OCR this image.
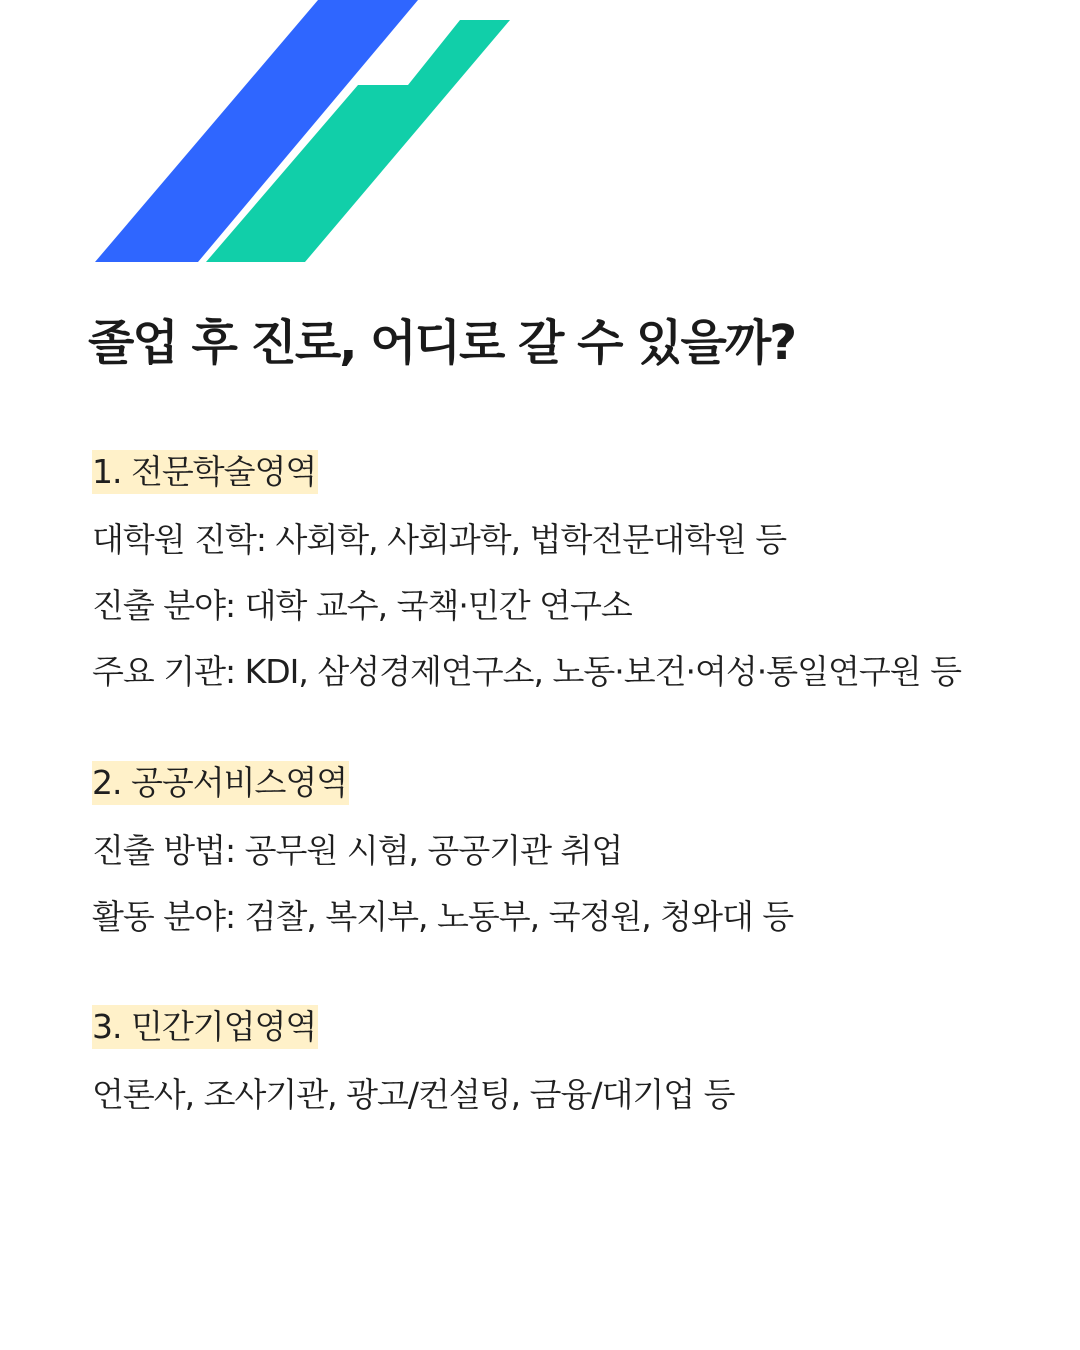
졸업 후 진로, 어디로 갈 수 있을까?
1. 전문학술영역
대학원 진학: 사회학, 사회과학, 법학전문대학원 등
진출 분야: 대학 교수, 국책·민간 연구소
주요 기관: KDI, 삼성경제연구소, 노동·보건·여성·통일연구원 등
2. 공공서비스영역
진출 방법: 공무원 시험, 공공기관 취업
활동 분야: 검찰, 복지부, 노동부, 국정원, 청와대 등
3. 민간기업영역
언론사, 조사기관, 광고/컨설팅, 금융/대기업 등
